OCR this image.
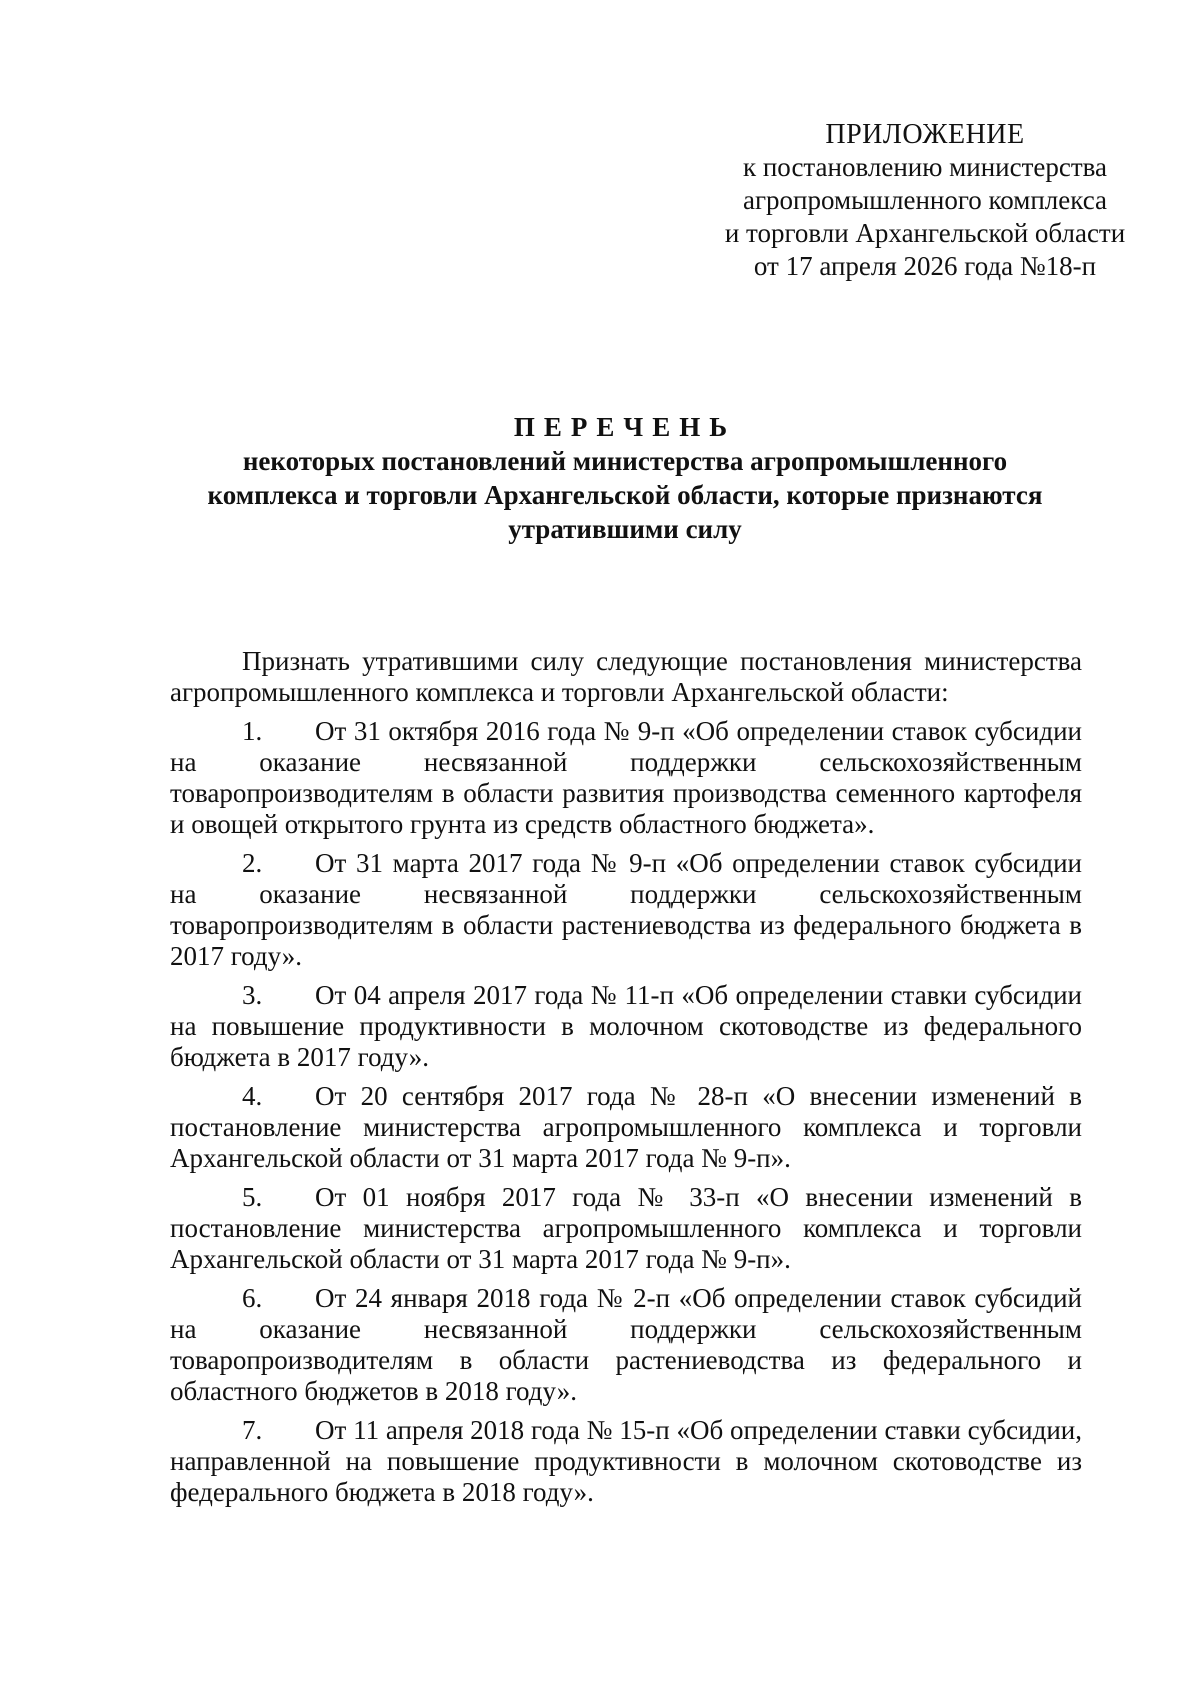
ПРИЛОЖЕНИЕ
к постановлению министерства
агропромышленного комплекса
и торговли Архангельской области
от 17 апреля 2026 года №18-п
ПЕРЕЧЕНЬ
некоторых постановлений министерства агропромышленного
комплекса и торговли Архангельской области, которые признаются
утратившими силу

Признать утратившими силу следующие постановления министерства агропромышленного комплекса и торговли Архангельской области:

1. От 31 октября 2016 года № 9-п «Об определении ставок субсидии на оказание несвязанной поддержки сельскохозяйственным товаропроизводителям в области развития производства семенного картофеля и овощей открытого грунта из средств областного бюджета».

2. От 31 марта 2017 года № 9-п «Об определении ставок субсидии на оказание несвязанной поддержки сельскохозяйственным товаропроизводителям в области растениеводства из федерального бюджета в 2017 году».

3. От 04 апреля 2017 года № 11-п «Об определении ставки субсидии на повышение продуктивности в молочном скотоводстве из федерального бюджета в 2017 году».

4. От 20 сентября 2017 года № 28-п «О внесении изменений в постановление министерства агропромышленного комплекса и торговли Архангельской области от 31 марта 2017 года № 9-п».

5. От 01 ноября 2017 года № 33-п «О внесении изменений в постановление министерства агропромышленного комплекса и торговли Архангельской области от 31 марта 2017 года № 9-п».

6. От 24 января 2018 года № 2-п «Об определении ставок субсидий на оказание несвязанной поддержки сельскохозяйственным товаропроизводителям в области растениеводства из федерального и областного бюджетов в 2018 году».

7. От 11 апреля 2018 года № 15-п «Об определении ставки субсидии, направленной на повышение продуктивности в молочном скотоводстве из федерального бюджета в 2018 году».
